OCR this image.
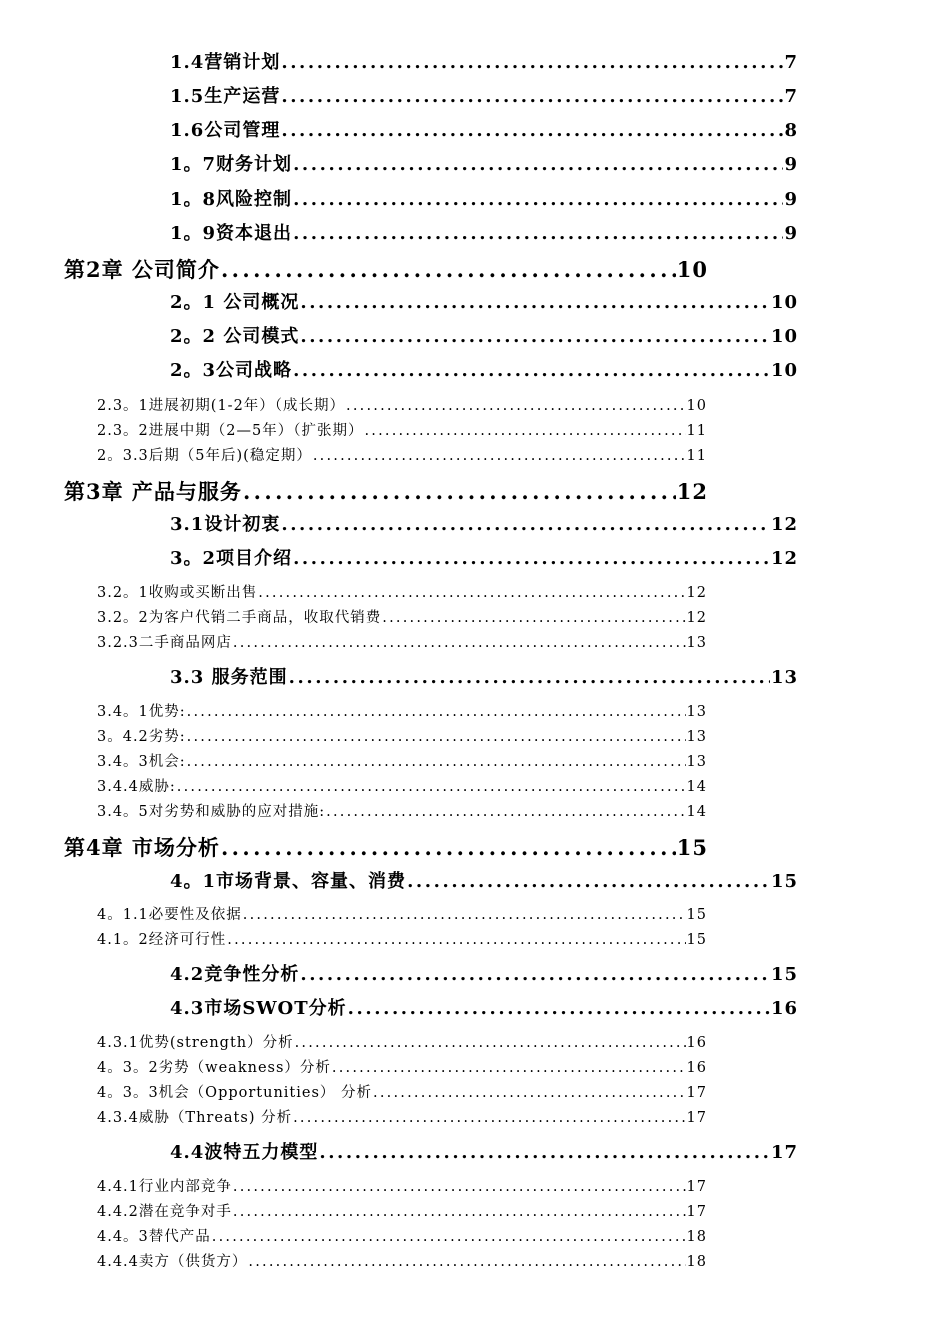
1.4营销计划 .....	7
1.5生产运营 .....	7
1.6公司管理 .....	8
1。7财务计划 .....	9
1。8风险控制 .....	9
1。9资本退出 .....	9
第2章 公司简介 .....	10
2。1 公司概况 .....	10
2。2 公司模式 .....	10
2。3公司战略 .....	10
2.3。1进展初期(1-2年）（成长期） .....	10
2.3。2进展中期（2—5年）（扩张期） .....	11
2。3.3后期（5年后)(稳定期） .....	11
第3章 产品与服务 .....	12
3.1设计初衷 .....	12
3。2项目介绍 .....	12
3.2。1收购或买断出售 .....	12
3.2。2为客户代销二手商品，收取代销费 .....	12
3.2.3二手商品网店 .....	13
3.3 服务范围 .....	13
3.4。1优势: .....	13
3。4.2劣势: .....	13
3.4。3机会: .....	13
3.4.4威胁: .....	14
3.4。5对劣势和威胁的应对措施: .....	14
第4章 市场分析 .....	15
4。1市场背景、容量、消费 .....	15
4。1.1必要性及依据 .....	15
4.1。2经济可行性 .....	15
4.2竞争性分析 .....	15
4.3市场SWOT分析 .....	16
4.3.1优势(strength）分析 .....	16
4。3。2劣势（weakness）分析 .....	16
4。3。3机会（Opportunities） 分析 .....	17
4.3.4威胁（Threats) 分析 .....	17
4.4波特五力模型 .....	17
4.4.1行业内部竞争 .....	17
4.4.2潜在竞争对手 .....	17
4.4。3替代产品 .....	18
4.4.4卖方（供货方） .....	18
